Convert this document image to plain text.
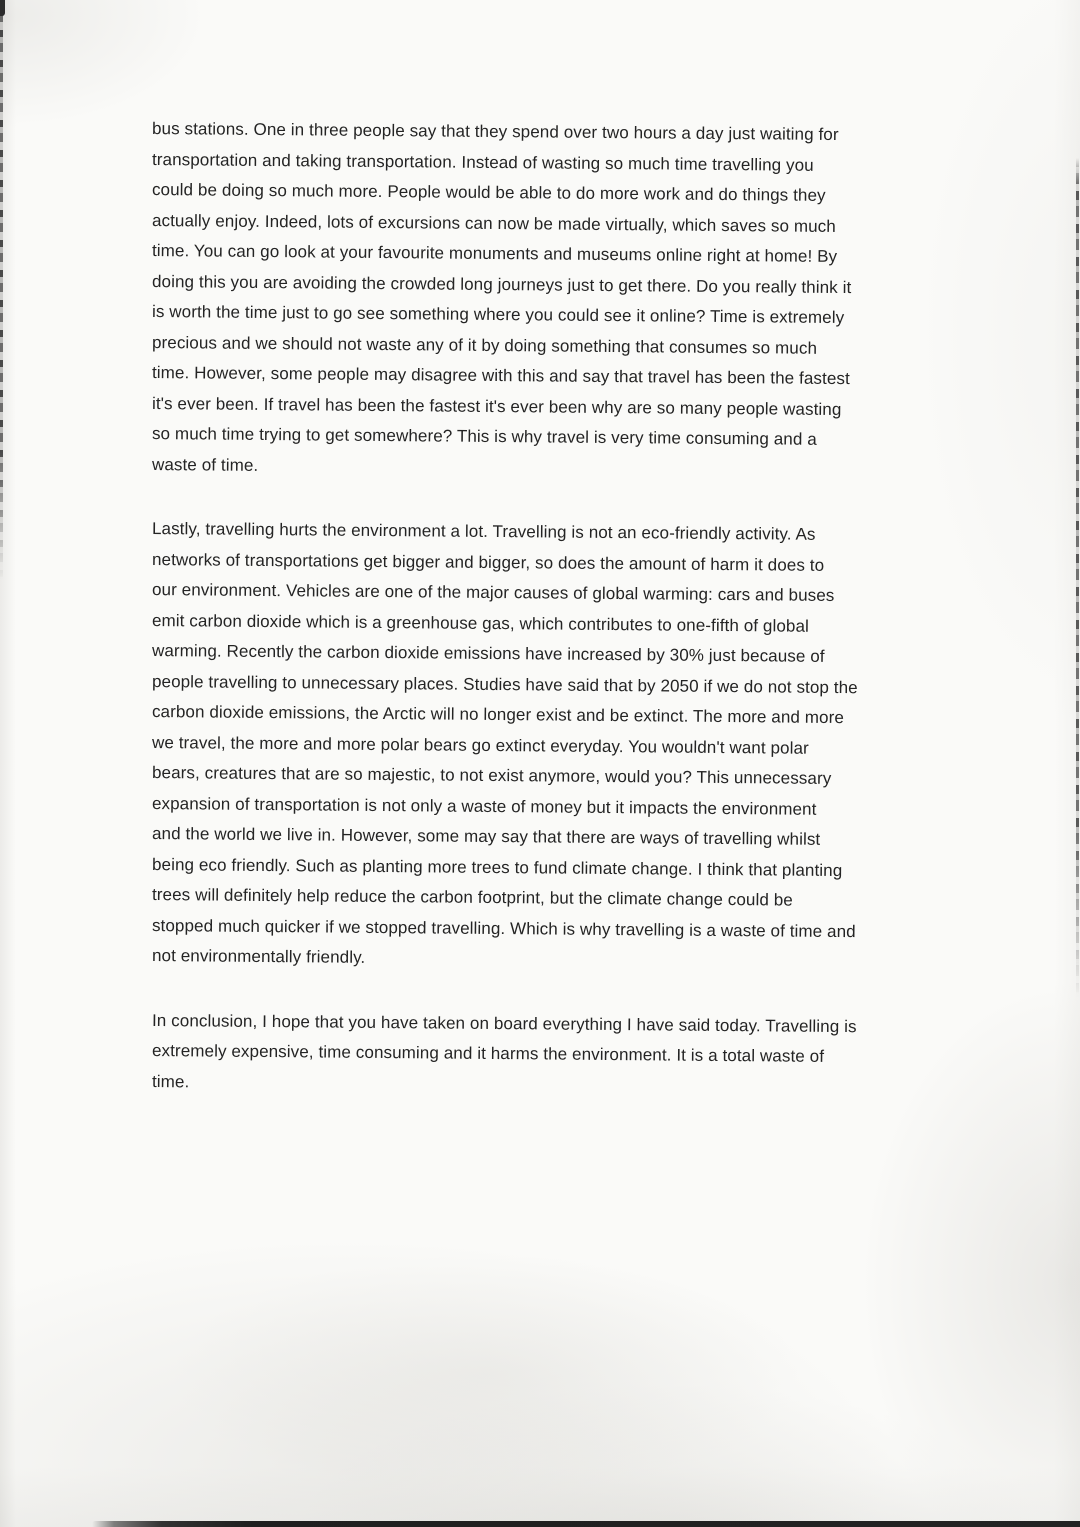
bus stations. One in three people say that they spend over two hours a day just waiting for
transportation and taking transportation. Instead of wasting so much time travelling you
could be doing so much more. People would be able to do more work and do things they
actually enjoy. Indeed, lots of excursions can now be made virtually, which saves so much
time. You can go look at your favourite monuments and museums online right at home! By
doing this you are avoiding the crowded long journeys just to get there. Do you really think it
is worth the time just to go see something where you could see it online? Time is extremely
precious and we should not waste any of it by doing something that consumes so much
time. However, some people may disagree with this and say that travel has been the fastest
it's ever been. If travel has been the fastest it's ever been why are so many people wasting
so much time trying to get somewhere? This is why travel is very time consuming and a
waste of time.
Lastly, travelling hurts the environment a lot. Travelling is not an eco-friendly activity. As
networks of transportations get bigger and bigger, so does the amount of harm it does to
our environment. Vehicles are one of the major causes of global warming: cars and buses
emit carbon dioxide which is a greenhouse gas, which contributes to one-fifth of global
warming. Recently the carbon dioxide emissions have increased by 30% just because of
people travelling to unnecessary places. Studies have said that by 2050 if we do not stop the
carbon dioxide emissions, the Arctic will no longer exist and be extinct. The more and more
we travel, the more and more polar bears go extinct everyday. You wouldn't want polar
bears, creatures that are so majestic, to not exist anymore, would you? This unnecessary
expansion of transportation is not only a waste of money but it impacts the environment
and the world we live in. However, some may say that there are ways of travelling whilst
being eco friendly. Such as planting more trees to fund climate change. I think that planting
trees will definitely help reduce the carbon footprint, but the climate change could be
stopped much quicker if we stopped travelling. Which is why travelling is a waste of time and
not environmentally friendly.
In conclusion, I hope that you have taken on board everything I have said today. Travelling is
extremely expensive, time consuming and it harms the environment. It is a total waste of
time.
